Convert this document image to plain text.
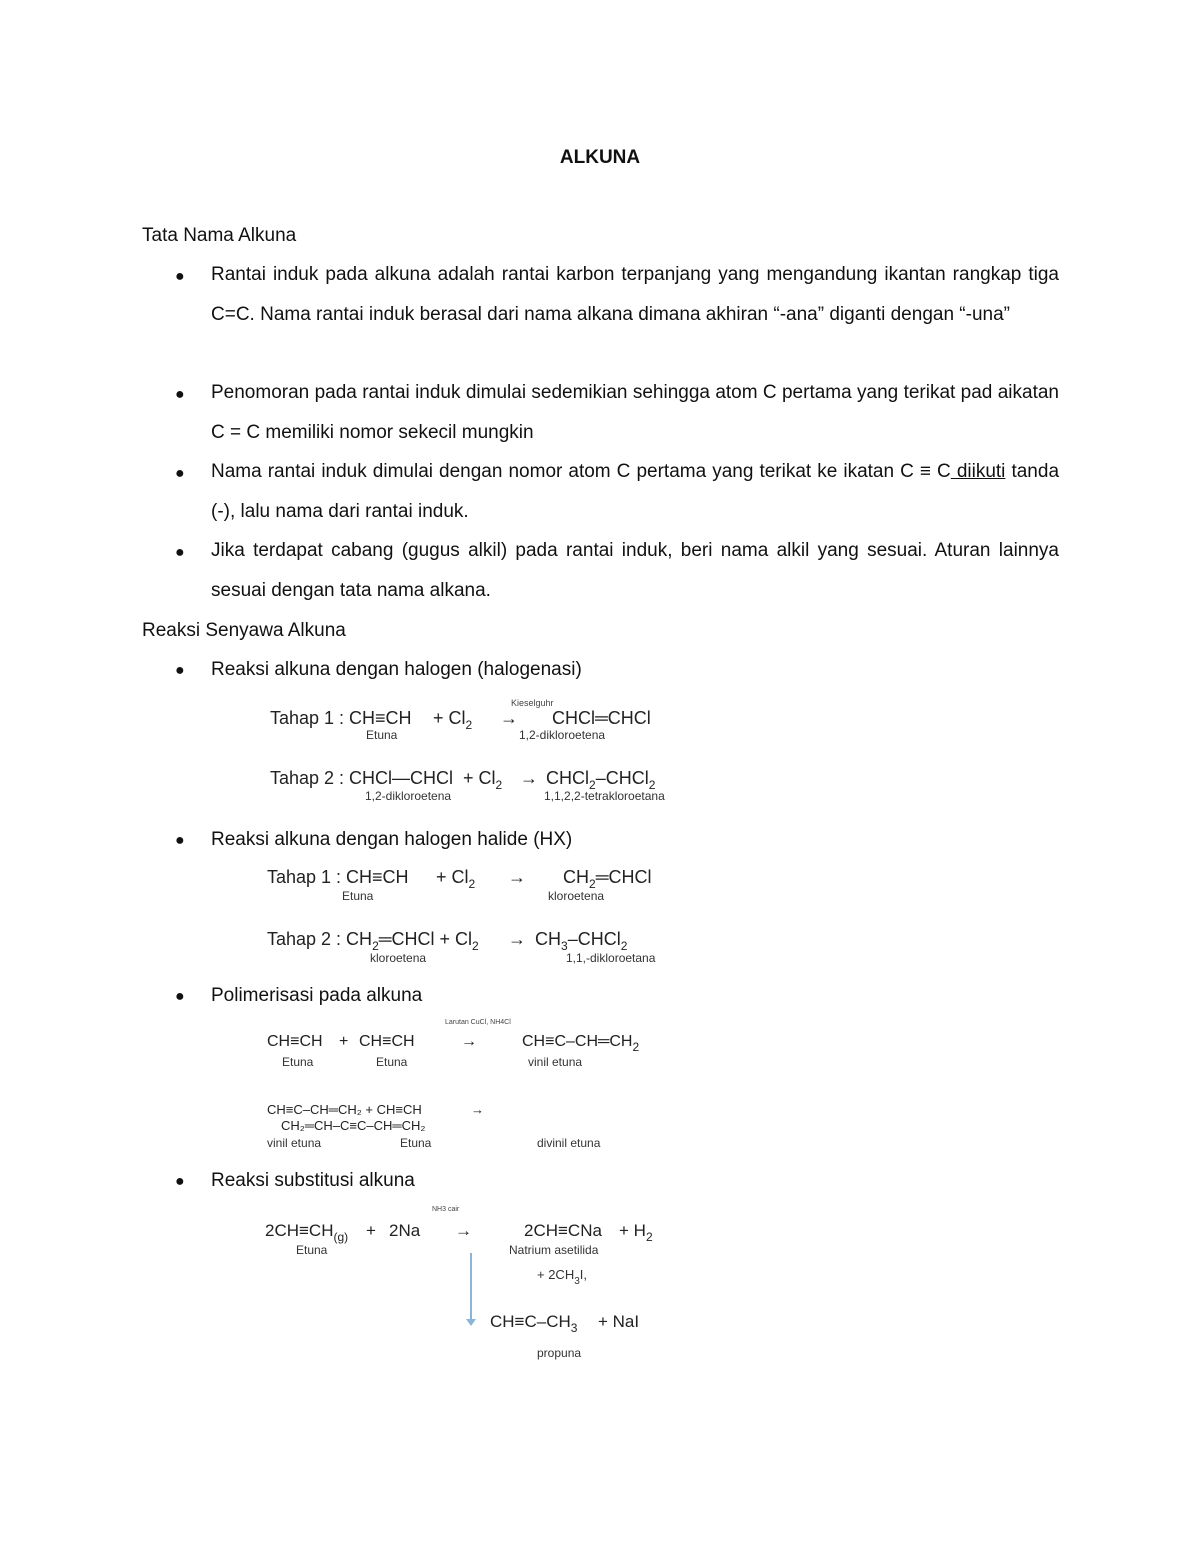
ALKUNA
Tata Nama Alkuna
● Rantai induk pada alkuna adalah rantai karbon terpanjang yang mengandung ikantan rangkap tiga C=C. Nama rantai induk berasal dari nama alkana dimana akhiran “-ana” diganti dengan “-una”
● Penomoran pada rantai induk dimulai sedemikian sehingga atom C pertama yang terikat pad aikatan C = C memiliki nomor sekecil mungkin
● Nama rantai induk dimulai dengan nomor atom C pertama yang terikat ke ikatan C ≡ C diikuti tanda (-), lalu nama dari rantai induk.
● Jika terdapat cabang (gugus alkil) pada rantai induk, beri nama alkil yang sesuai. Aturan lainnya sesuai dengan tata nama alkana.
Reaksi Senyawa Alkuna
● Reaksi alkuna dengan halogen (halogenasi)
Kieselguhr
Tahap 1 : $CH\equiv CH + Cl_2$ → CHCl═CHCl
Etuna	1,2-dikloroetena
Tahap 2 : CHCl—CHCl + $Cl_2$ → CHCl$_2$–CHCl$_2$
1,2-dikloroetena	1,1,2,2-tetrakloroetana
● Reaksi alkuna dengan halogen halide (HX)
Tahap 1 : $CH\equiv CH + Cl_2$ → $CH_2═CHCl$
Etuna	kloroetena
Tahap 2 : $CH_2═CHCl + Cl_2$ → $CH_3-CHCl_2$
kloroetena	1,1,-dikloroetana
● Polimerisasi pada alkuna
Larutan CuCl, NH4Cl
CH≡CH + CH≡CH	→	$CH\equiv C-CH═CH_2$
Etuna	Etuna	vinil etuna
CH≡C–CH═CH₂ + CH≡CH	→
CH₂═CH–C≡C–CH═CH₂
vinil etuna	Etuna	divinil etuna
● Reaksi substitusi alkuna
NH3 cair
$2CH\equiv CH_{(g)} + 2Na$ →	$2CH\equiv CNa + H_2$
Etuna	Natrium asetilida
+ $2CH_3I$,
$CH\equiv C-CH_3$ + NaI
propuna
